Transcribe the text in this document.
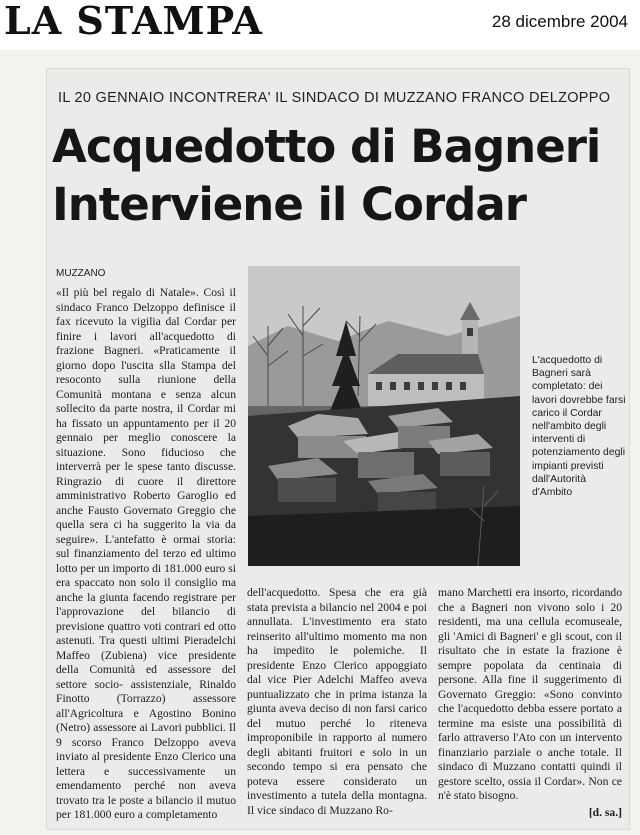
LA STAMPA	28 dicembre 2004
IL 20 GENNAIO INCONTRERA' IL SINDACO DI MUZZANO FRANCO DELZOPPO
Acquedotto di Bagneri
Interviene il Cordar
MUZZANO

«Il più bel regalo di Natale». Così il sindaco Franco Delzoppo definisce il fax ricevuto la vigilia dal Cordar per finire i lavori all'acquedotto di frazione Bagneri. «Praticamente il giorno dopo l'uscita slla Stampa del resoconto sulla riunione della Comunità montana e senza alcun sollecito da parte nostra, il Cordar mi ha fissato un appuntamento per il 20 gennaio per meglio conoscere la situazione. Sono fiducioso che interverrà per le spese tanto discusse. Ringrazio di cuore il direttore amministrativo Roberto Garoglio ed anche Fausto Governato Greggio che quella sera ci ha suggerito la via da seguire». L'antefatto è ormai storia: sul finanziamento del terzo ed ultimo lotto per un importo di 181.000 euro si era spaccato non solo il consiglio ma anche la giunta facendo registrare per l'approvazione del bilancio di previsione quattro voti contrari ed otto astenuti. Tra questi ultimi Pieradelchi Maffeo (Zubiena) vice presidente della Comunità ed assessore del settore socio- assistenziale, Rinaldo Finotto (Torrazzo) assessore all'Agricoltura e Agostino Bonino (Netro) assessore ai Lavori pubblici. Il 9 scorso Franco Delzoppo aveva inviato al presidente Enzo Clerico una lettera e successivamente un emendamento perché non aveva trovato tra le poste a bilancio il mutuo per 181.000 euro a completamento

L'acquedotto di Bagneri sarà completato: dei lavori dovrebbe farsi carico il Cordar nell'ambito degli interventi di potenziamento degli impianti previsti dall'Autorità d'Ambito

dell'acquedotto. Spesa che era già stata prevista a bilancio nel 2004 e poi annullata. L'investimento era stato reinserito all'ultimo momento ma non ha impedito le polemiche. Il presidente Enzo Clerico appoggiato dal vice Pier Adelchi Maffeo aveva puntualizzato che in prima istanza la giunta aveva deciso di non farsi carico del mutuo perché lo riteneva improponibile in rapporto al numero degli abitanti fruitori e solo in un secondo tempo si era pensato che poteva essere considerato un investimento a tutela della montagna. Il vice sindaco di Muzzano Ro-

mano Marchetti era insorto, ricordando che a Bagneri non vivono solo i 20 residenti, ma una cellula ecomuseale, gli 'Amici di Bagneri' e gli scout, con il risultato che in estate la frazione è sempre popolata da centinaia di persone. Alla fine il suggerimento di Governato Greggio: «Sono convinto che l'acquedotto debba essere portato a termine ma esiste una possibilità di farlo attraverso l'Ato con un intervento finanziario parziale o anche totale. Il sindaco di Muzzano contatti quindi il gestore scelto, ossia il Cordar». Non ce n'è stato bisogno.

[d. sa.]
